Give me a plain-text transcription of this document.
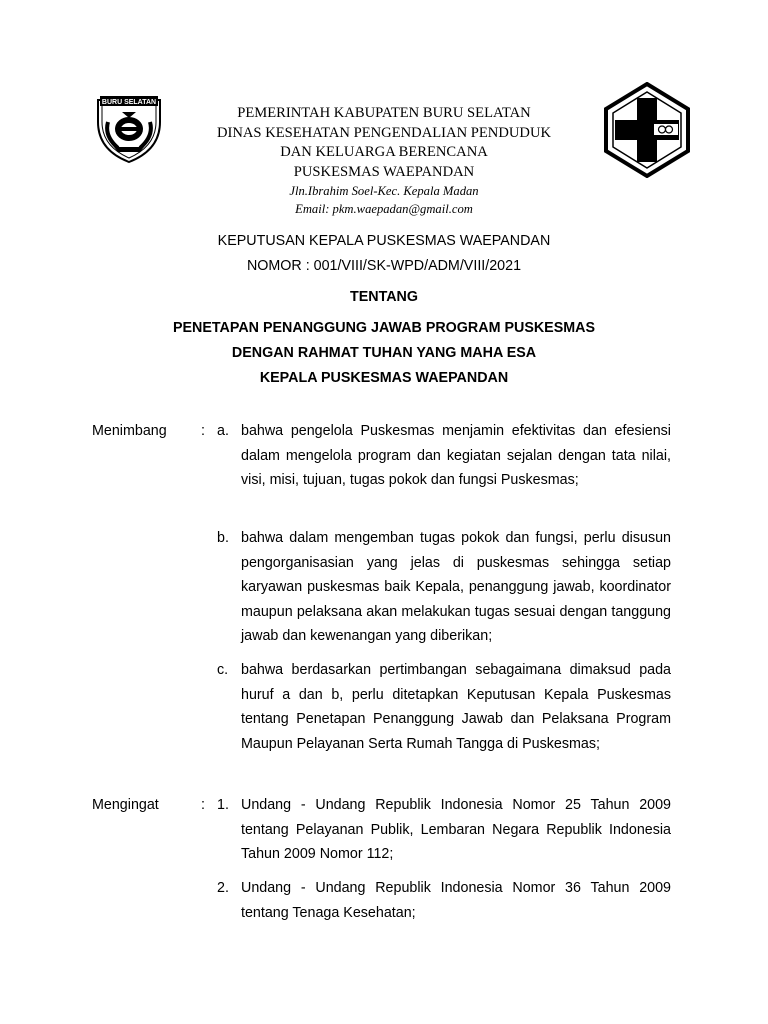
BURU SELATAN
PEMERINTAH KABUPATEN BURU SELATAN
DINAS KESEHATAN PENGENDALIAN PENDUDUK
DAN KELUARGA BERENCANA
PUSKESMAS WAEPANDAN
Jln.Ibrahim Soel-Kec. Kepala Madan
Email: pkm.waepadan@gmail.com
KEPUTUSAN KEPALA PUSKESMAS WAEPANDAN
NOMOR : 001/VIII/SK-WPD/ADM/VIII/2021
TENTANG
PENETAPAN PENANGGUNG JAWAB PROGRAM PUSKESMAS
DENGAN RAHMAT TUHAN YANG MAHA ESA
KEPALA PUSKESMAS WAEPANDAN
Menimbang : a. bahwa pengelola Puskesmas menjamin efektivitas dan efesiensi dalam mengelola program dan kegiatan sejalan dengan tata nilai, visi, misi, tujuan, tugas pokok dan fungsi Puskesmas;
b. bahwa dalam mengemban tugas pokok dan fungsi, perlu disusun pengorganisasian yang jelas di puskesmas sehingga setiap karyawan puskesmas baik Kepala, penanggung jawab, koordinator maupun pelaksana akan melakukan tugas sesuai dengan tanggung jawab dan kewenangan yang diberikan;
c. bahwa berdasarkan pertimbangan sebagaimana dimaksud pada huruf a dan b, perlu ditetapkan Keputusan Kepala Puskesmas tentang Penetapan Penanggung Jawab dan Pelaksana Program Maupun Pelayanan Serta Rumah Tangga di Puskesmas;
Mengingat	: 1. Undang - Undang Republik Indonesia Nomor 25 Tahun 2009 tentang Pelayanan Publik, Lembaran Negara Republik Indonesia Tahun 2009 Nomor 112;
2. Undang - Undang Republik Indonesia Nomor 36 Tahun 2009 tentang Tenaga Kesehatan;
